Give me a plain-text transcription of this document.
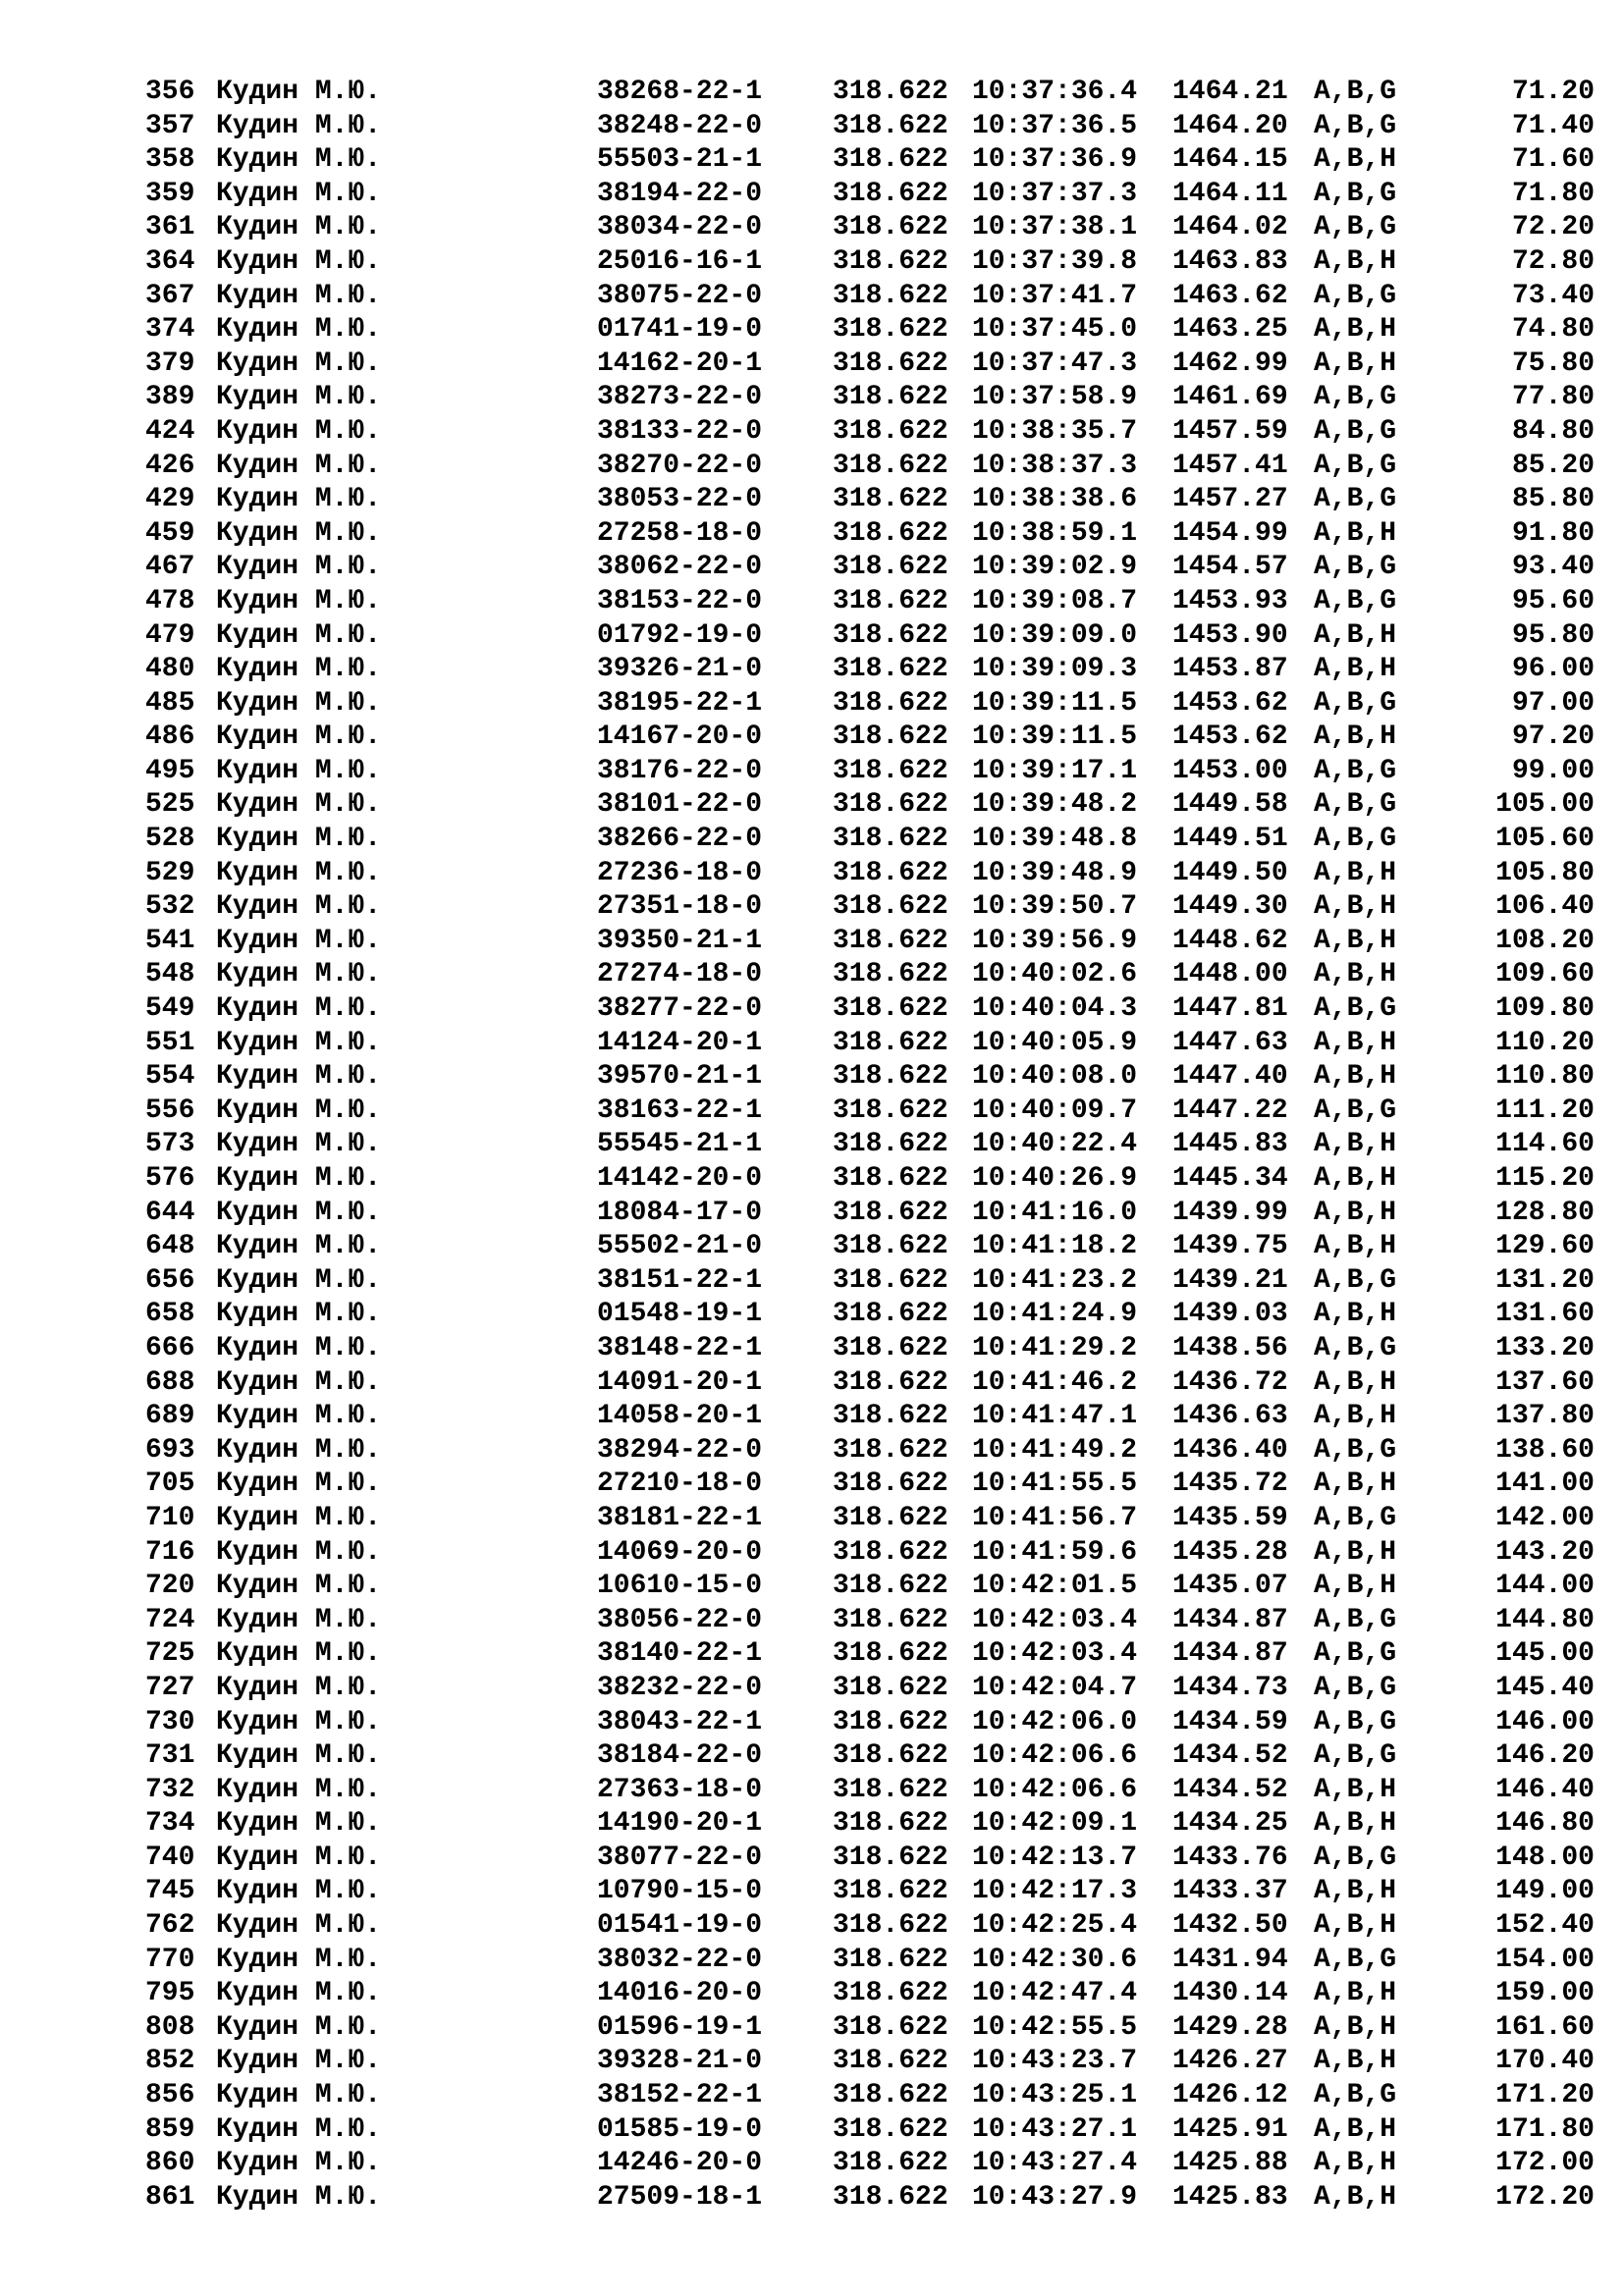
356 Кудин М.Ю.	38268-22-1	318.622 10:37:36.4 1464.21 A,B,G	71.20
357 Кудин М.Ю.	38248-22-0	318.622 10:37:36.5 1464.20 A,B,G	71.40
358 Кудин М.Ю.	55503-21-1	318.622 10:37:36.9 1464.15 A,B,H	71.60
359 Кудин М.Ю.	38194-22-0	318.622 10:37:37.3 1464.11 A,B,G	71.80
361 Кудин М.Ю.	38034-22-0	318.622 10:37:38.1 1464.02 A,B,G	72.20
364 Кудин М.Ю.	25016-16-1	318.622 10:37:39.8 1463.83 A,B,H	72.80
367 Кудин М.Ю.	38075-22-0	318.622 10:37:41.7 1463.62 A,B,G	73.40
374 Кудин М.Ю.	01741-19-0	318.622 10:37:45.0 1463.25 A,B,H	74.80
379 Кудин М.Ю.	14162-20-1	318.622 10:37:47.3 1462.99 A,B,H	75.80
389 Кудин М.Ю.	38273-22-0	318.622 10:37:58.9 1461.69 A,B,G	77.80
424 Кудин М.Ю.	38133-22-0	318.622 10:38:35.7 1457.59 A,B,G	84.80
426 Кудин М.Ю.	38270-22-0	318.622 10:38:37.3 1457.41 A,B,G	85.20
429 Кудин М.Ю.	38053-22-0	318.622 10:38:38.6 1457.27 A,B,G	85.80
459 Кудин М.Ю.	27258-18-0	318.622 10:38:59.1 1454.99 A,B,H	91.80
467 Кудин М.Ю.	38062-22-0	318.622 10:39:02.9 1454.57 A,B,G	93.40
478 Кудин М.Ю.	38153-22-0	318.622 10:39:08.7 1453.93 A,B,G	95.60
479 Кудин М.Ю.	01792-19-0	318.622 10:39:09.0 1453.90 A,B,H	95.80
480 Кудин М.Ю.	39326-21-0	318.622 10:39:09.3 1453.87 A,B,H	96.00
485 Кудин М.Ю.	38195-22-1	318.622 10:39:11.5 1453.62 A,B,G	97.00
486 Кудин М.Ю.	14167-20-0	318.622 10:39:11.5 1453.62 A,B,H	97.20
495 Кудин М.Ю.	38176-22-0	318.622 10:39:17.1 1453.00 A,B,G	99.00
525 Кудин М.Ю.	38101-22-0	318.622 10:39:48.2 1449.58 A,B,G	105.00
528 Кудин М.Ю.	38266-22-0	318.622 10:39:48.8 1449.51 A,B,G	105.60
529 Кудин М.Ю.	27236-18-0	318.622 10:39:48.9 1449.50 A,B,H	105.80
532 Кудин М.Ю.	27351-18-0	318.622 10:39:50.7 1449.30 A,B,H	106.40
541 Кудин М.Ю.	39350-21-1	318.622 10:39:56.9 1448.62 A,B,H	108.20
548 Кудин М.Ю.	27274-18-0	318.622 10:40:02.6 1448.00 A,B,H	109.60
549 Кудин М.Ю.	38277-22-0	318.622 10:40:04.3 1447.81 A,B,G	109.80
551 Кудин М.Ю.	14124-20-1	318.622 10:40:05.9 1447.63 A,B,H	110.20
554 Кудин М.Ю.	39570-21-1	318.622 10:40:08.0 1447.40 A,B,H	110.80
556 Кудин М.Ю.	38163-22-1	318.622 10:40:09.7 1447.22 A,B,G	111.20
573 Кудин М.Ю.	55545-21-1	318.622 10:40:22.4 1445.83 A,B,H	114.60
576 Кудин М.Ю.	14142-20-0	318.622 10:40:26.9 1445.34 A,B,H	115.20
644 Кудин М.Ю.	18084-17-0	318.622 10:41:16.0 1439.99 A,B,H	128.80
648 Кудин М.Ю.	55502-21-0	318.622 10:41:18.2 1439.75 A,B,H	129.60
656 Кудин М.Ю.	38151-22-1	318.622 10:41:23.2 1439.21 A,B,G	131.20
658 Кудин М.Ю.	01548-19-1	318.622 10:41:24.9 1439.03 A,B,H	131.60
666 Кудин М.Ю.	38148-22-1	318.622 10:41:29.2 1438.56 A,B,G	133.20
688 Кудин М.Ю.	14091-20-1	318.622 10:41:46.2 1436.72 A,B,H	137.60
689 Кудин М.Ю.	14058-20-1	318.622 10:41:47.1 1436.63 A,B,H	137.80
693 Кудин М.Ю.	38294-22-0	318.622 10:41:49.2 1436.40 A,B,G	138.60
705 Кудин М.Ю.	27210-18-0	318.622 10:41:55.5 1435.72 A,B,H	141.00
710 Кудин М.Ю.	38181-22-1	318.622 10:41:56.7 1435.59 A,B,G	142.00
716 Кудин М.Ю.	14069-20-0	318.622 10:41:59.6 1435.28 A,B,H	143.20
720 Кудин М.Ю.	10610-15-0	318.622 10:42:01.5 1435.07 A,B,H	144.00
724 Кудин М.Ю.	38056-22-0	318.622 10:42:03.4 1434.87 A,B,G	144.80
725 Кудин М.Ю.	38140-22-1	318.622 10:42:03.4 1434.87 A,B,G	145.00
727 Кудин М.Ю.	38232-22-0	318.622 10:42:04.7 1434.73 A,B,G	145.40
730 Кудин М.Ю.	38043-22-1	318.622 10:42:06.0 1434.59 A,B,G	146.00
731 Кудин М.Ю.	38184-22-0	318.622 10:42:06.6 1434.52 A,B,G	146.20
732 Кудин М.Ю.	27363-18-0	318.622 10:42:06.6 1434.52 A,B,H	146.40
734 Кудин М.Ю.	14190-20-1	318.622 10:42:09.1 1434.25 A,B,H	146.80
740 Кудин М.Ю.	38077-22-0	318.622 10:42:13.7 1433.76 A,B,G	148.00
745 Кудин М.Ю.	10790-15-0	318.622 10:42:17.3 1433.37 A,B,H	149.00
762 Кудин М.Ю.	01541-19-0	318.622 10:42:25.4 1432.50 A,B,H	152.40
770 Кудин М.Ю.	38032-22-0	318.622 10:42:30.6 1431.94 A,B,G	154.00
795 Кудин М.Ю.	14016-20-0	318.622 10:42:47.4 1430.14 A,B,H	159.00
808 Кудин М.Ю.	01596-19-1	318.622 10:42:55.5 1429.28 A,B,H	161.60
852 Кудин М.Ю.	39328-21-0	318.622 10:43:23.7 1426.27 A,B,H	170.40
856 Кудин М.Ю.	38152-22-1	318.622 10:43:25.1 1426.12 A,B,G	171.20
859 Кудин М.Ю.	01585-19-0	318.622 10:43:27.1 1425.91 A,B,H	171.80
860 Кудин М.Ю.	14246-20-0	318.622 10:43:27.4 1425.88 A,B,H	172.00
861 Кудин М.Ю.	27509-18-1	318.622 10:43:27.9 1425.83 A,B,H	172.20
